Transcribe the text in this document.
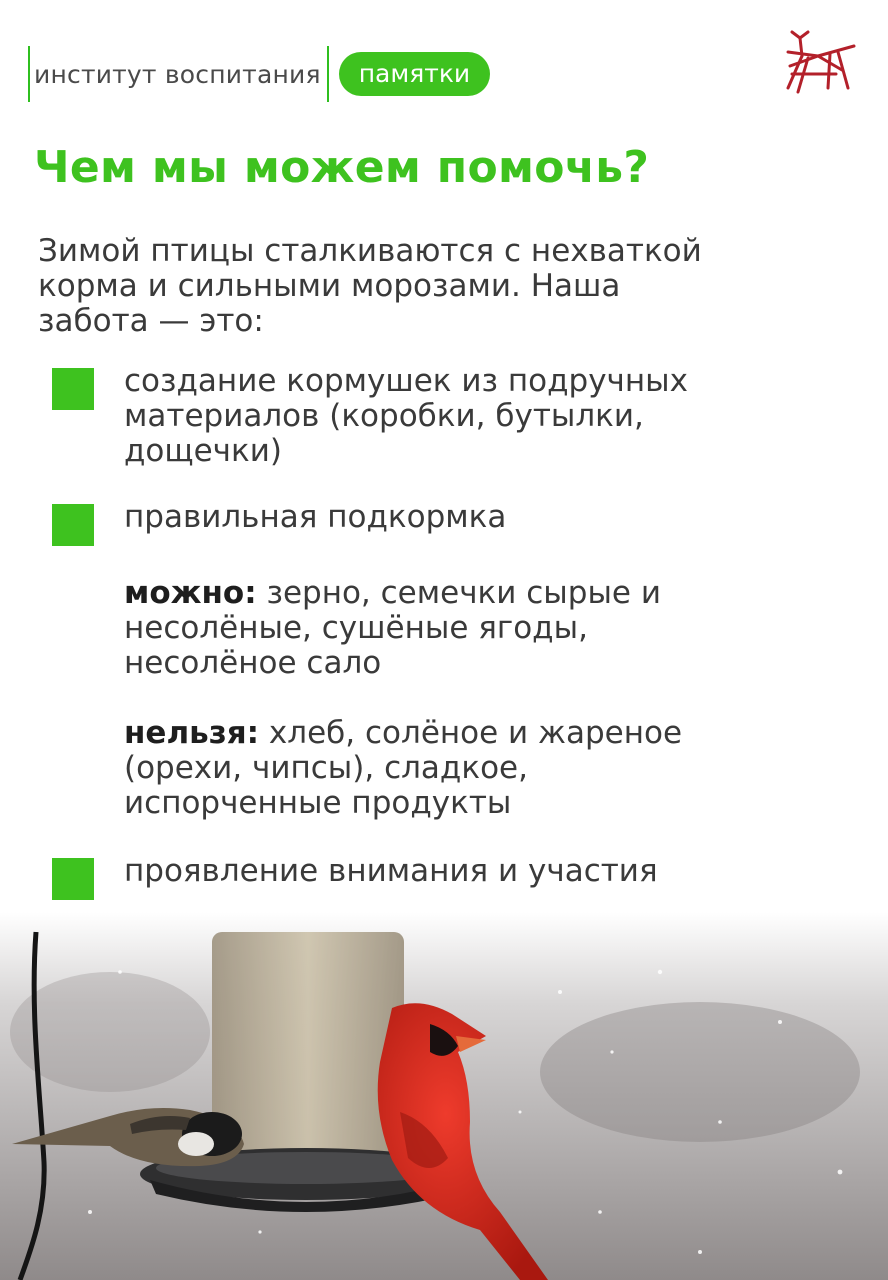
институт воспитания	памятки
Чем мы можем помочь?
Зимой птицы сталкиваются с нехваткой
корма и сильными морозами. Наша
забота — это:
создание кормушек из подручных
материалов (коробки, бутылки,
дощечки)
правильная подкормка
можно: зерно, семечки сырые и
несолёные, сушёные ягоды,
несолёное сало
нельзя: хлеб, солёное и жареное
(орехи, чипсы), сладкое,
испорченные продукты
проявление внимания и участия
